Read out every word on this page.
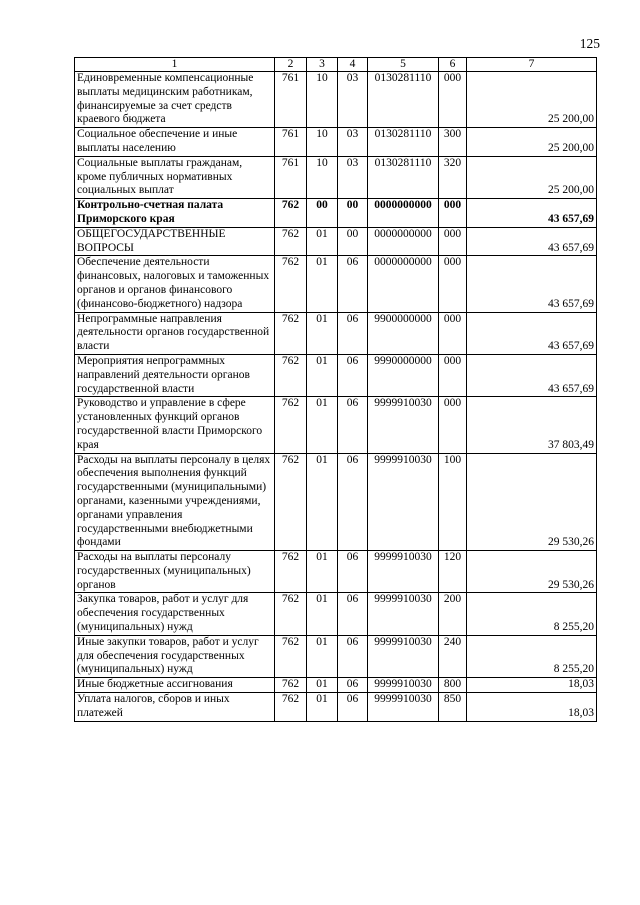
125
1	2	3	4	5	6	7
Единовременные компенсационные выплаты медицинским работникам, финансируемые за счет средств краевого бюджета	761	10	03	0130281110	000	25 200,00
Социальное обеспечение и иные выплаты населению	761	10	03	0130281110	300	25 200,00
Социальные выплаты гражданам, кроме публичных нормативных социальных выплат	761	10	03	0130281110	320	25 200,00
Контрольно-счетная палата Приморского края	762	00	00	0000000000	000	43 657,69
ОБЩЕГОСУДАРСТВЕННЫЕ ВОПРОСЫ	762	01	00	0000000000	000	43 657,69
Обеспечение деятельности финансовых, налоговых и таможенных органов и органов финансового (финансово-бюджетного) надзора	762	01	06	0000000000	000	43 657,69
Непрограммные направления деятельности органов государственной власти	762	01	06	9900000000	000	43 657,69
Мероприятия непрограммных направлений деятельности органов государственной власти	762	01	06	9990000000	000	43 657,69
Руководство и управление в сфере установленных функций органов государственной власти Приморского края	762	01	06	9999910030	000	37 803,49
Расходы на выплаты персоналу в целях обеспечения выполнения функций государственными (муниципальными) органами, казенными учреждениями, органами управления государственными внебюджетными фондами	762	01	06	9999910030	100	29 530,26
Расходы на выплаты персоналу государственных (муниципальных) органов	762	01	06	9999910030	120	29 530,26
Закупка товаров, работ и услуг для обеспечения государственных (муниципальных) нужд	762	01	06	9999910030	200	8 255,20
Иные закупки товаров, работ и услуг для обеспечения государственных (муниципальных) нужд	762	01	06	9999910030	240	8 255,20
Иные бюджетные ассигнования	762	01	06	9999910030	800	18,03
Уплата налогов, сборов и иных платежей	762	01	06	9999910030	850	18,03
